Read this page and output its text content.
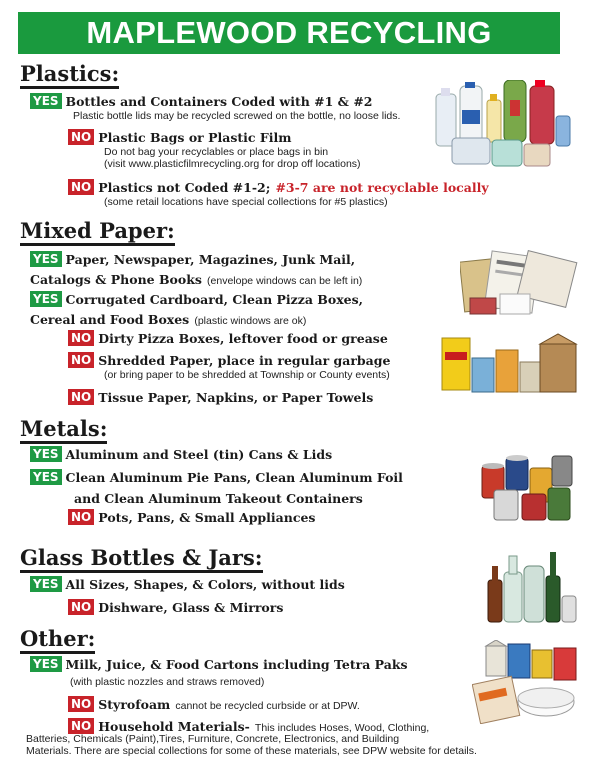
MAPLEWOOD RECYCLING GUIDELINES
Plastics:
YES Bottles and Containers Coded with #1 & #2
Plastic bottle lids may be recycled screwed on the bottle, no loose lids.
NO Plastic Bags or Plastic Film
Do not bag your recyclables or place bags in bin
(visit www.plasticfilmrecycling.org for drop off locations)
NO Plastics not Coded #1-2; #3-7 are not recyclable locally
(some retail locations have special collections for #5 plastics)
Mixed Paper:
YES Paper, Newspaper, Magazines, Junk Mail,
Catalogs & Phone Books (envelope windows can be left in)
YES Corrugated Cardboard, Clean Pizza Boxes,
Cereal and Food Boxes (plastic windows are ok)
NO Dirty Pizza Boxes, leftover food or grease
NO Shredded Paper, place in regular garbage
(or bring paper to be shredded at Township or County events)
NO Tissue Paper, Napkins, or Paper Towels
Metals:
YES Aluminum and Steel (tin) Cans & Lids
YES Clean Aluminum Pie Pans, Clean Aluminum Foil
and Clean Aluminum Takeout Containers
NO Pots, Pans, & Small Appliances
Glass Bottles & Jars:
YES All Sizes, Shapes, & Colors, without lids
NO Dishware, Glass & Mirrors
Other:
YES Milk, Juice, & Food Cartons including Tetra Paks
(with plastic nozzles and straws removed)
NO Styrofoam cannot be recycled curbside or at DPW.
NO Household Materials- This includes Hoses, Wood, Clothing,
Batteries, Chemicals (Paint),Tires, Furniture, Concrete, Electronics, and Building
Materials. There are special collections for some of these materials, see DPW website for details.
